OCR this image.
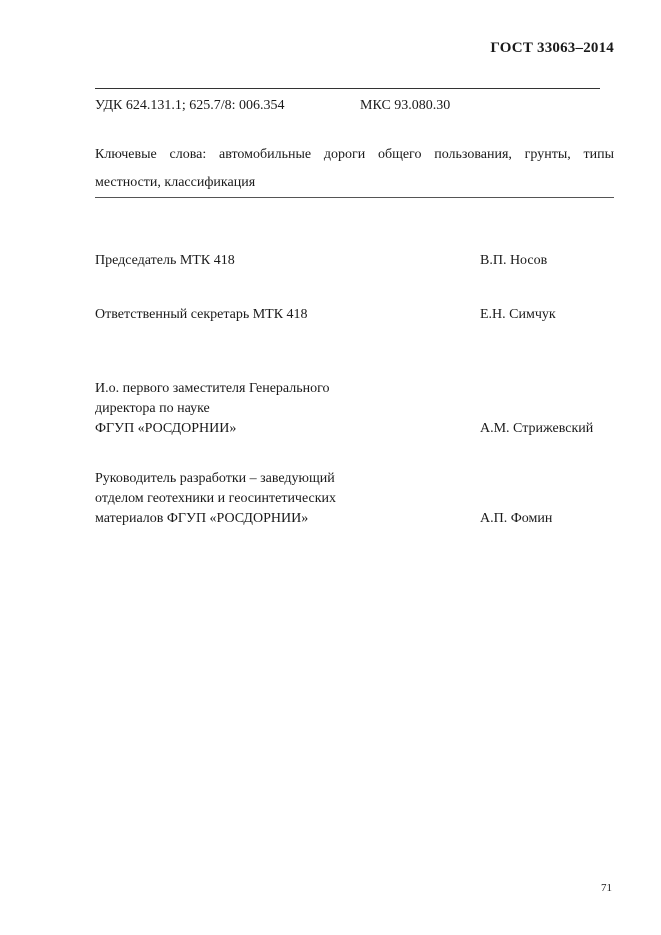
ГОСТ 33063–2014
УДК 624.131.1; 625.7/8: 006.354	МКС 93.080.30
Ключевые слова: автомобильные дороги общего пользования, грунты, типы местности, классификация
Председатель МТК 418	В.П. Носов
Ответственный секретарь МТК 418	Е.Н. Симчук
И.о. первого заместителя Генерального
директора по науке
ФГУП «РОСДОРНИИ»	А.М. Стрижевский
Руководитель разработки – заведующий
отделом геотехники и геосинтетических
материалов ФГУП «РОСДОРНИИ»	А.П. Фомин
71
